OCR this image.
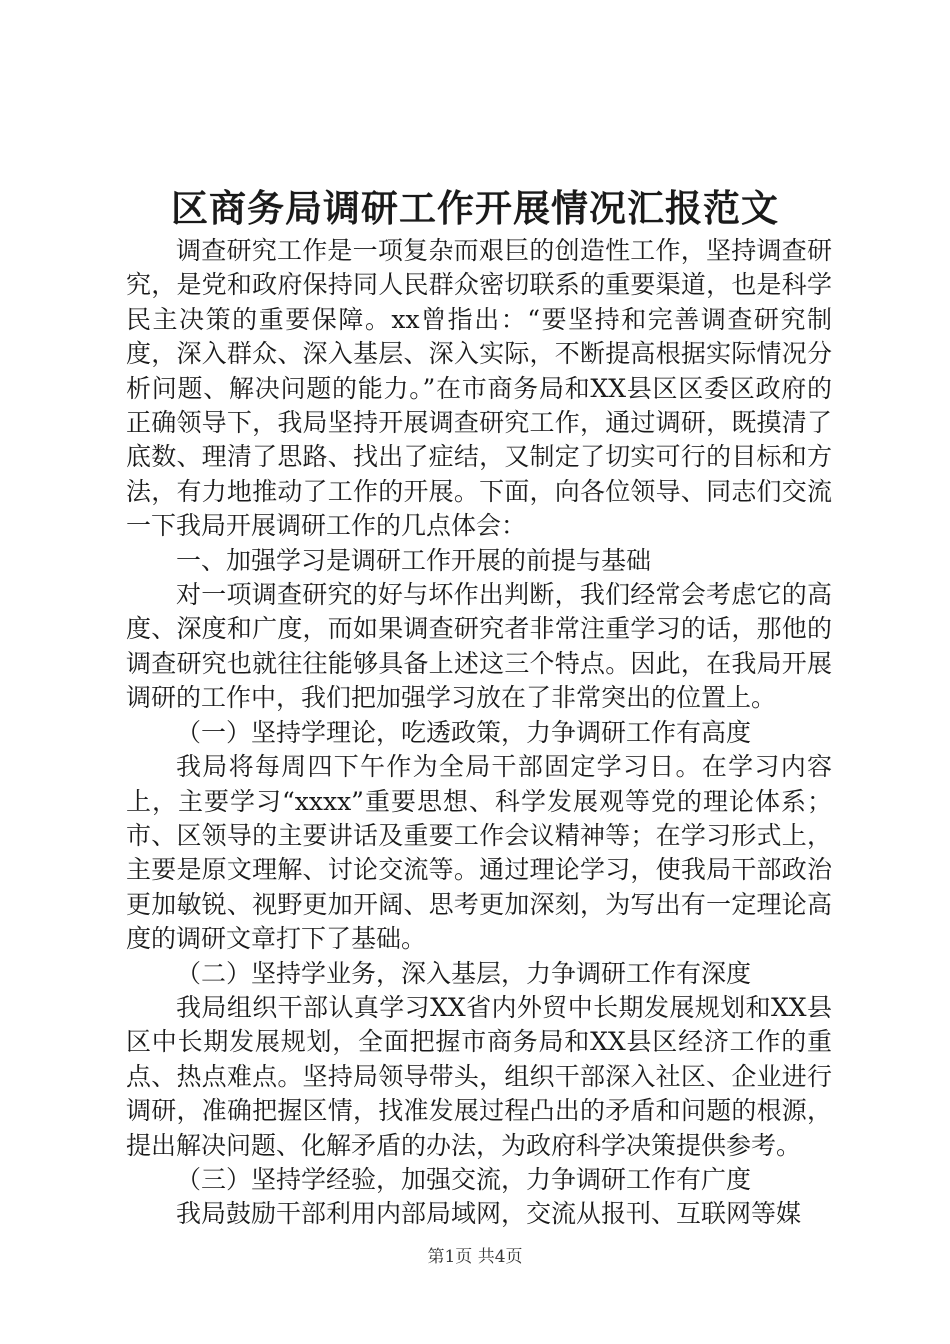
区商务局调研工作开展情况汇报范文

调查研究工作是一项复杂而艰巨的创造性工作，坚持调查研究，是党和政府保持同人民群众密切联系的重要渠道，也是科学民主决策的重要保障。xx曾指出：“要坚持和完善调查研究制度，深入群众、深入基层、深入实际，不断提高根据实际情况分析问题、解决问题的能力。”在市商务局和XX县区区委区政府的正确领导下，我局坚持开展调查研究工作，通过调研，既摸清了底数、理清了思路、找出了症结，又制定了切实可行的目标和方法，有力地推动了工作的开展。下面，向各位领导、同志们交流一下我局开展调研工作的几点体会：

一、加强学习是调研工作开展的前提与基础

对一项调查研究的好与坏作出判断，我们经常会考虑它的高度、深度和广度，而如果调查研究者非常注重学习的话，那他的调查研究也就往往能够具备上述这三个特点。因此，在我局开展调研的工作中，我们把加强学习放在了非常突出的位置上。

（一）坚持学理论，吃透政策，力争调研工作有高度

我局将每周四下午作为全局干部固定学习日。在学习内容上，主要学习“xxxx”重要思想、科学发展观等党的理论体系；市、区领导的主要讲话及重要工作会议精神等；在学习形式上，主要是原文理解、讨论交流等。通过理论学习，使我局干部政治更加敏锐、视野更加开阔、思考更加深刻，为写出有一定理论高度的调研文章打下了基础。

（二）坚持学业务，深入基层，力争调研工作有深度

我局组织干部认真学习XX省内外贸中长期发展规划和XX县区中长期发展规划，全面把握市商务局和XX县区经济工作的重点、热点难点。坚持局领导带头，组织干部深入社区、企业进行调研，准确把握区情，找准发展过程凸出的矛盾和问题的根源，提出解决问题、化解矛盾的办法，为政府科学决策提供参考。

（三）坚持学经验，加强交流，力争调研工作有广度

我局鼓励干部利用内部局域网，交流从报刊、互联网等媒

第1页 共4页
